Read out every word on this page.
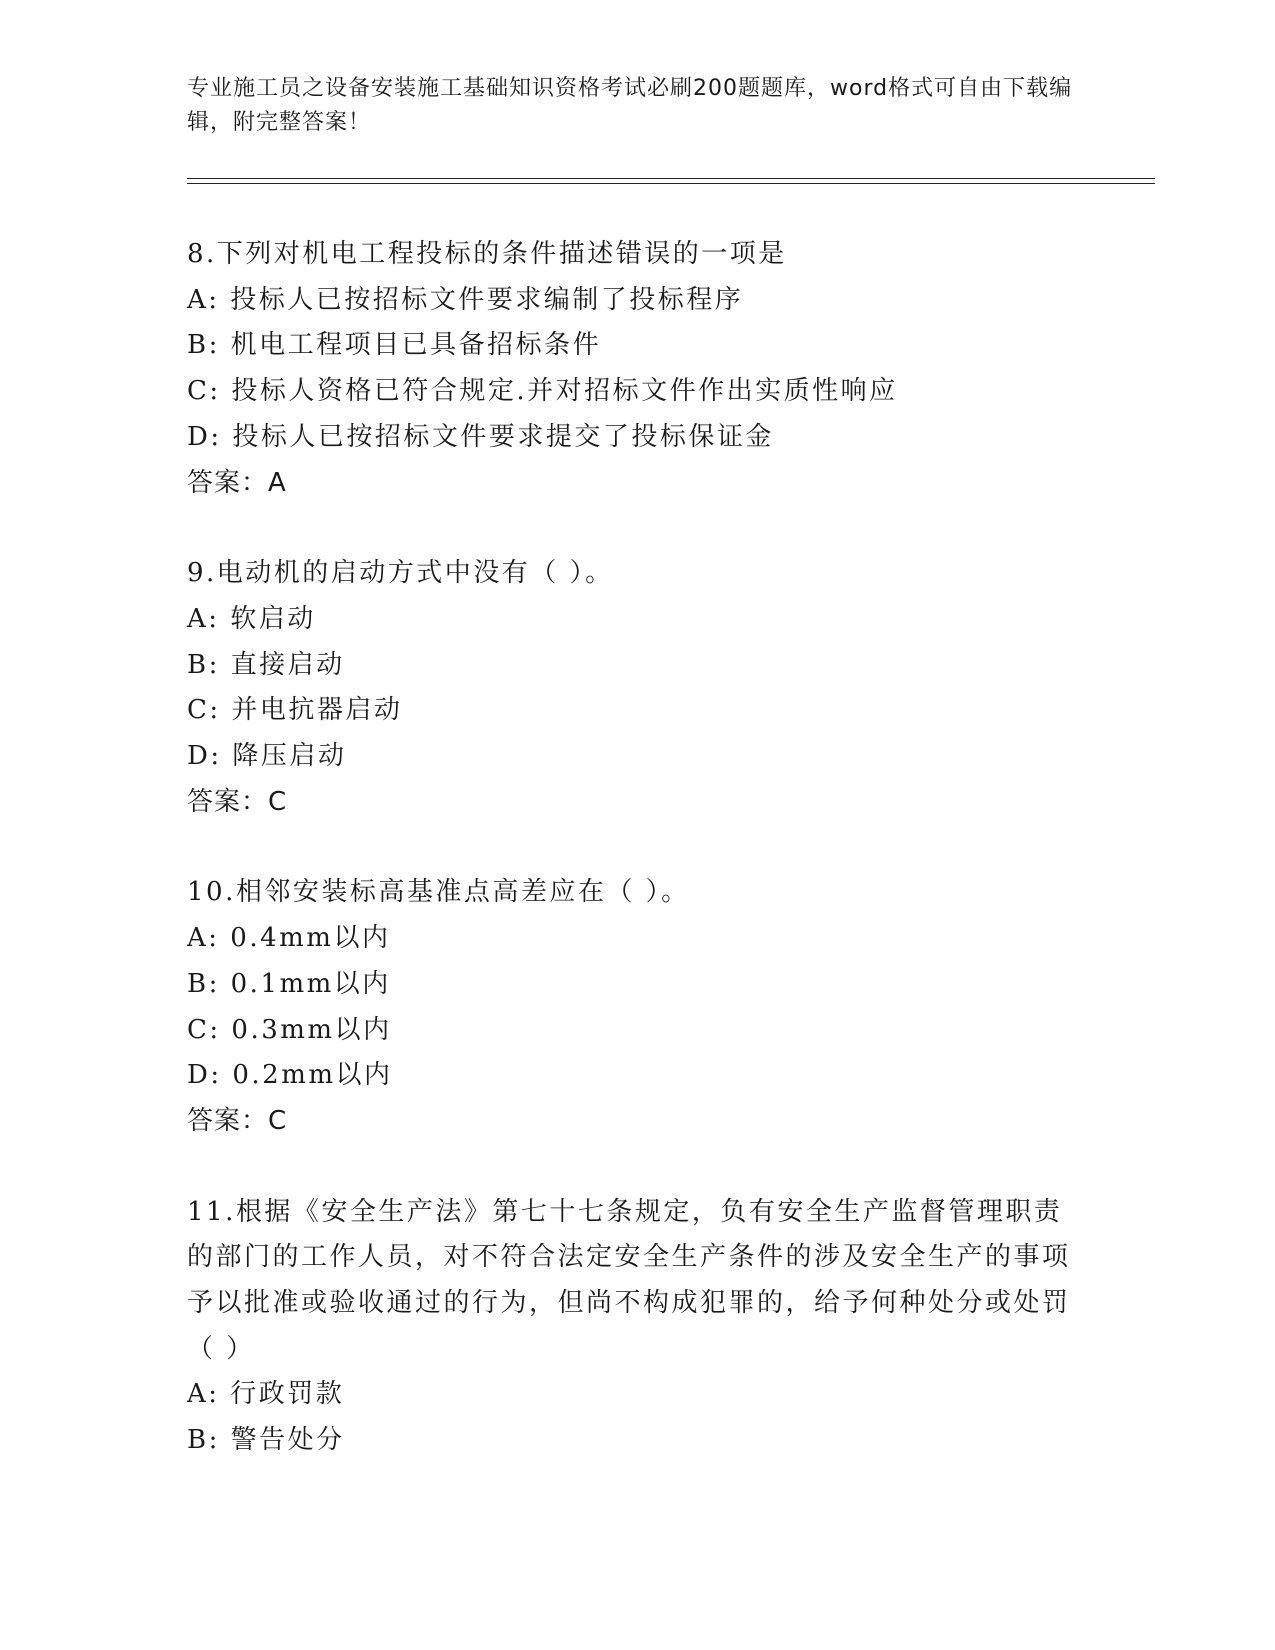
专业施工员之设备安装施工基础知识资格考试必刷200题题库，word格式可自由下载编辑，附完整答案！
8.下列对机电工程投标的条件描述错误的一项是
A: 投标人已按招标文件要求编制了投标程序
B: 机电工程项目已具备招标条件
C: 投标人资格已符合规定.并对招标文件作出实质性响应
D: 投标人已按招标文件要求提交了投标保证金
答案：A
9.电动机的启动方式中没有（ ）。
A: 软启动
B: 直接启动
C: 并电抗器启动
D: 降压启动
答案：C
10.相邻安装标高基准点高差应在（ ）。
A: 0.4mm以内
B: 0.1mm以内
C: 0.3mm以内
D: 0.2mm以内
答案：C
11.根据《安全生产法》第七十七条规定，负有安全生产监督管理职责的部门的工作人员，对不符合法定安全生产条件的涉及安全生产的事项予以批准或验收通过的行为，但尚不构成犯罪的，给予何种处分或处罚（ ）
A: 行政罚款
B: 警告处分
